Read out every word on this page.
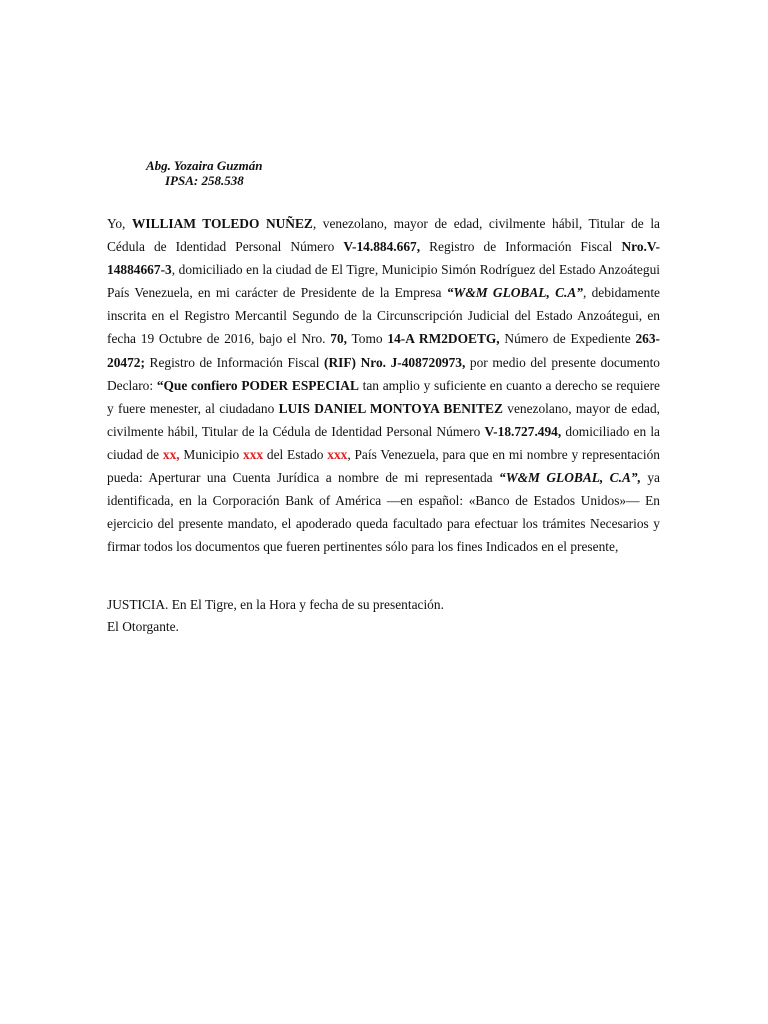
Abg. Yozaira Guzmán
IPSA: 258.538
Yo, WILLIAM TOLEDO NUÑEZ, venezolano, mayor de edad, civilmente hábil, Titular de la Cédula de Identidad Personal Número V-14.884.667, Registro de Información Fiscal Nro.V-14884667-3, domiciliado en la ciudad de El Tigre, Municipio Simón Rodríguez del Estado Anzoátegui País Venezuela, en mi carácter de Presidente de la Empresa “W&M GLOBAL, C.A”, debidamente inscrita en el Registro Mercantil Segundo de la Circunscripción Judicial del Estado Anzoátegui, en fecha 19 Octubre de 2016, bajo el Nro. 70, Tomo 14-A RM2DOETG, Número de Expediente 263- 20472; Registro de Información Fiscal (RIF) Nro. J-408720973, por medio del presente documento Declaro: “Que confiero PODER ESPECIAL tan amplio y suficiente en cuanto a derecho se requiere y fuere menester, al ciudadano LUIS DANIEL MONTOYA BENITEZ venezolano, mayor de edad, civilmente hábil, Titular de la Cédula de Identidad Personal Número V-18.727.494, domiciliado en la ciudad de xx, Municipio xxx del Estado xxx, País Venezuela, para que en mi nombre y representación pueda: Aperturar una Cuenta Jurídica a nombre de mi representada “W&M GLOBAL, C.A”, ya identificada, en la Corporación Bank of América —en español: «Banco de Estados Unidos»— En ejercicio del presente mandato, el apoderado queda facultado para efectuar los trámites Necesarios y firmar todos los documentos que fueren pertinentes sólo para los fines Indicados en el presente,
JUSTICIA. En El Tigre, en la Hora y fecha de su presentación.
El Otorgante.
